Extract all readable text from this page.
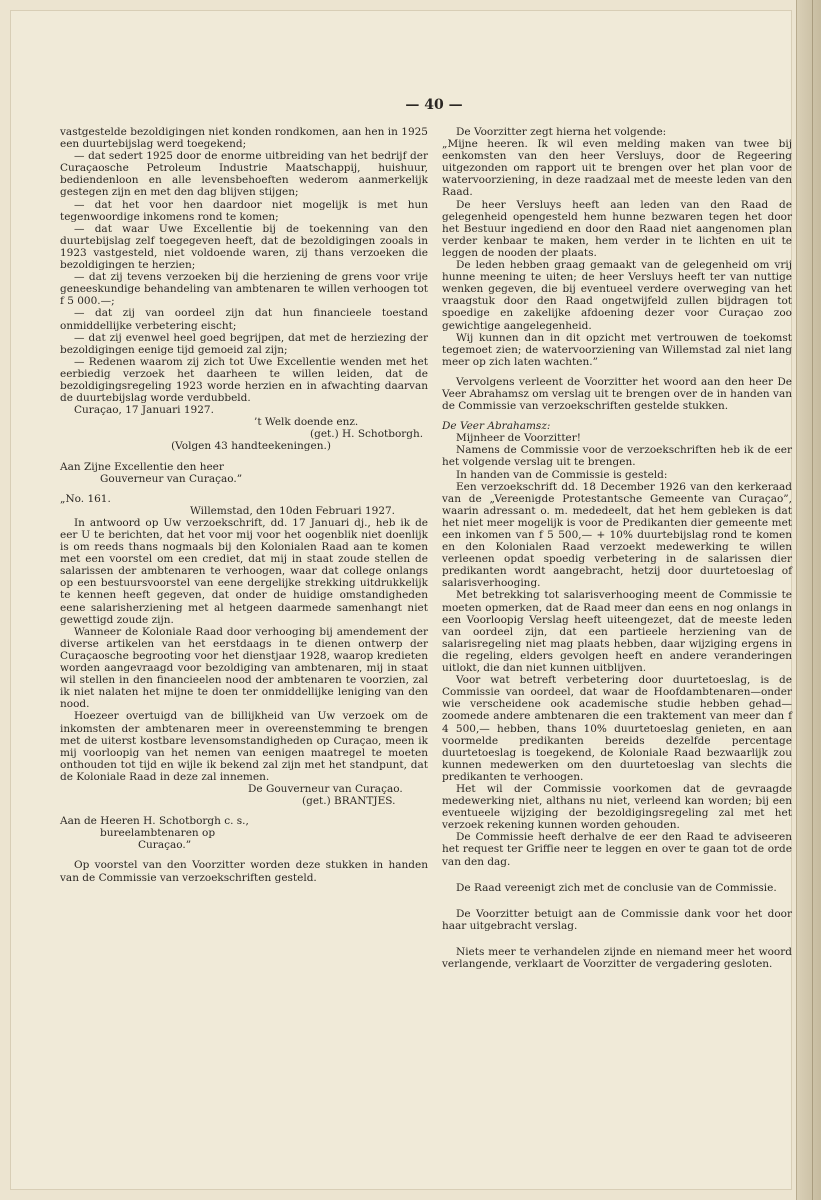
— 40 —

vastgestelde bezoldigingen niet konden rondkomen, aan hen in 1925 een duurtebijslag werd toegekend;

— dat sedert 1925 door de enorme uitbreiding van het bedrijf der Curaçaosche Petroleum Industrie Maatschappij, huishuur, bediendenloon en alle levensbehoeften wederom aanmerkelijk gestegen zijn en met den dag blijven stijgen;

— dat het voor hen daardoor niet mogelijk is met hun tegenwoordige inkomens rond te komen;

— dat waar Uwe Excellentie bij de toekenning van den duurtebijslag zelf toegegeven heeft, dat de bezoldigingen zooals in 1923 vastgesteld, niet voldoende waren, zij thans verzoeken die bezoldigingen te herzien;

— dat zij tevens verzoeken bij die herziening de grens voor vrije geneeskundige behandeling van ambtenaren te willen verhoogen tot f 5 000.—;

— dat zij van oordeel zijn dat hun financieele toestand onmiddellijke verbetering eischt;

— dat zij evenwel heel goed begrijpen, dat met de herziezing der bezoldigingen eenige tijd gemoeid zal zijn;

— Redenen waarom zij zich tot Uwe Excellentie wenden met het eerbiedig verzoek het daarheen te willen leiden, dat de bezoldigingsregeling 1923 worde herzien en in afwachting daarvan de duurtebijslag worde verdubbeld.

Curaçao, 17 Januari 1927.

’t Welk doende enz.

(get.) H. Schotborgh.

(Volgen 43 handteekeningen.)

Aan Zijne Excellentie den heer

Gouverneur van Curaçao.”

„No. 161.

Willemstad, den 10den Februari 1927.

In antwoord op Uw verzoekschrift, dd. 17 Januari dj., heb ik de eer U te berichten, dat het voor mij voor het oogenblik niet doenlijk is om reeds thans nogmaals bij den Kolonialen Raad aan te komen met een voorstel om een crediet, dat mij in staat zoude stellen de salarissen der ambtenaren te verhoogen, waar dat college onlangs op een bestuursvoorstel van eene dergelijke strekking uitdrukkelijk te kennen heeft gegeven, dat onder de huidige omstandigheden eene salarisherziening met al hetgeen daarmede samenhangt niet gewettigd zoude zijn.

Wanneer de Koloniale Raad door verhooging bij amendement der diverse artikelen van het eerstdaags in te dienen ontwerp der Curaçaosche begrooting voor het dienstjaar 1928, waarop kredieten worden aangevraagd voor bezoldiging van ambtenaren, mij in staat wil stellen in den financieelen nood der ambtenaren te voorzien, zal ik niet nalaten het mijne te doen ter onmiddellijke leniging van den nood.

Hoezeer overtuigd van de billijkheid van Uw verzoek om de inkomsten der ambtenaren meer in overeenstemming te brengen met de uiterst kostbare levensomstandigheden op Curaçao, meen ik mij voorloopig van het nemen van eenigen maatregel te moeten onthouden tot tijd en wijle ik bekend zal zijn met het standpunt, dat de Koloniale Raad in deze zal innemen.

De Gouverneur van Curaçao.

(get.) BRANTJES.

Aan de Heeren H. Schotborgh c. s.,

bureelambtenaren op

Curaçao.”

Op voorstel van den Voorzitter worden deze stukken in handen van de Commissie van verzoekschriften gesteld.

De Voorzitter zegt hierna het volgende:

„Mijne heeren. Ik wil even melding maken van twee bij eenkomsten van den heer Versluys, door de Regeering uitgezonden om rapport uit te brengen over het plan voor de watervoorziening, in deze raadzaal met de meeste leden van den Raad.

De heer Versluys heeft aan leden van den Raad de gelegenheid opengesteld hem hunne bezwaren tegen het door het Bestuur ingediend en door den Raad niet aangenomen plan verder kenbaar te maken, hem verder in te lichten en uit te leggen de nooden der plaats.

De leden hebben graag gemaakt van de gelegenheid om vrij hunne meening te uiten; de heer Versluys heeft ter van nuttige wenken gegeven, die bij eventueel verdere overweging van het vraagstuk door den Raad ongetwijfeld zullen bijdragen tot spoedige en zakelijke afdoening dezer voor Curaçao zoo gewichtige aangelegenheid.

Wij kunnen dan in dit opzicht met vertrouwen de toekomst tegemoet zien; de watervoorziening van Willemstad zal niet lang meer op zich laten wachten.”

Vervolgens verleent de Voorzitter het woord aan den heer De Veer Abrahamsz om verslag uit te brengen over de in handen van de Commissie van verzoekschriften gestelde stukken.

De Veer Abrahamsz:

Mijnheer de Voorzitter!

Namens de Commissie voor de verzoekschriften heb ik de eer het volgende verslag uit te brengen.

In handen van de Commissie is gesteld:

Een verzoekschrift dd. 18 December 1926 van den kerkeraad van de „Vereenigde Protestantsche Gemeente van Curaçao”, waarin adressant o. m. mededeelt, dat het hem gebleken is dat het niet meer mogelijk is voor de Predikanten dier gemeente met een inkomen van f 5 500,— + 10% duurtebijslag rond te komen en den Kolonialen Raad verzoekt medewerking te willen verleenen opdat spoedig verbetering in de salarissen dier predikanten wordt aangebracht, hetzij door duurtetoeslag of salarisverhooging.

Met betrekking tot salarisverhooging meent de Commissie te moeten opmerken, dat de Raad meer dan eens en nog onlangs in een Voorloopig Verslag heeft uiteengezet, dat de meeste leden van oordeel zijn, dat een partieele herziening van de salarisregeling niet mag plaats hebben, daar wijziging ergens in die regeling, elders gevolgen heeft en andere veranderingen uitlokt, die dan niet kunnen uitblijven.

Voor wat betreft verbetering door duurtetoeslag, is de Commissie van oordeel, dat waar de Hoofdambtenaren—onder wie verscheidene ook academische studie hebben gehad—zoomede andere ambtenaren die een traktement van meer dan f 4 500,— hebben, thans 10% duurtetoeslag genieten, en aan voormelde predikanten bereids dezelfde percentage duurtetoeslag is toegekend, de Koloniale Raad bezwaarlijk zou kunnen medewerken om den duurtetoeslag van slechts die predikanten te verhoogen.

Het wil der Commissie voorkomen dat de gevraagde medewerking niet, althans nu niet, verleend kan worden; bij een eventueele wijziging der bezoldigingsregeling zal met het verzoek rekening kunnen worden gehouden.

De Commissie heeft derhalve de eer den Raad te adviseeren het request ter Griffie neer te leggen en over te gaan tot de orde van den dag.

De Raad vereenigt zich met de conclusie van de Commissie.

De Voorzitter betuigt aan de Commissie dank voor het door haar uitgebracht verslag.

Niets meer te verhandelen zijnde en niemand meer het woord verlangende, verklaart de Voorzitter de vergadering gesloten.
